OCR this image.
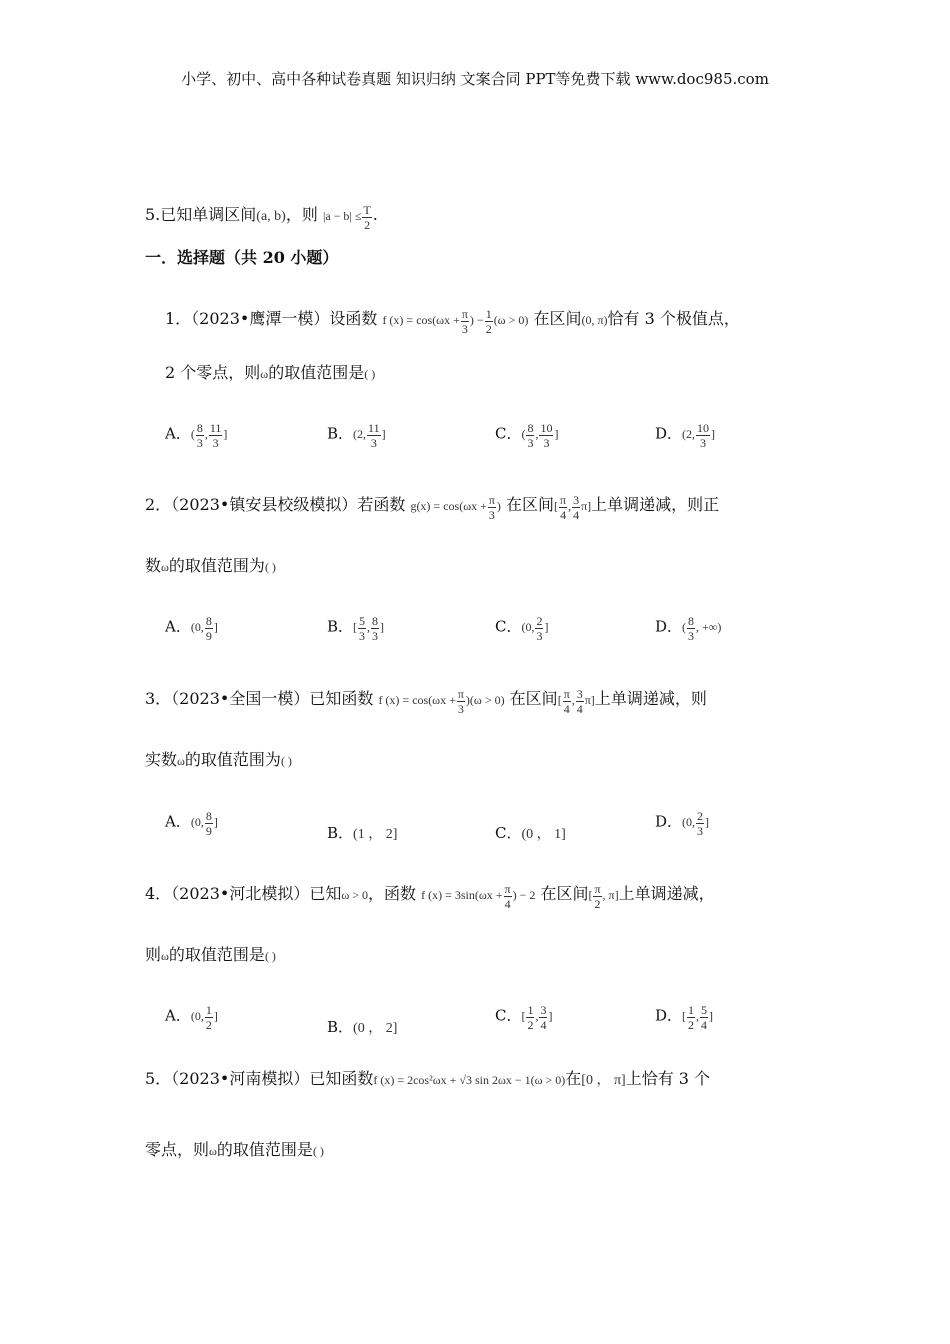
小学、初中、高中各种试卷真题 知识归纳 文案合同 PPT等免费下载 www.doc985.com
5.已知单调区间(a, b)，则 $|a - b| \le \frac{T}{2}$ .
一．选择题（共 20 小题）
1．（2023•鹰潭一模）设函数 f $(x) = \cos(\omega x + \frac{\pi}{3}$ ) − $\frac{1}{2} (\omega > 0)$ 在区间(0, π)恰有 3 个极值点，
2 个零点，则ω的取值范围是( )
A．( $\frac{8}{3}$ , $\frac{11}{3}$ ]	B．(2, $\frac{11}{3}$ ]	C．( $\frac{8}{3}$ , $\frac{10}{3}$ ]	D．(2, $\frac{10}{3}$ ]
2．（2023•镇安县校级模拟）若函数 $g(x) = \cos(\omega x + \frac{\pi}{3}$ ) 在区间[ $\frac{\pi}{4}$ , $\frac{3}{4} \pi$]上单调递减，则正
数ω的取值范围为( )
A．(0, $\frac{8}{9}$ ]	B．[ $\frac{5}{3}$ , $\frac{8}{3}$ ]	C．(0, $\frac{2}{3}$ ]	D．( $\frac{8}{3}$ , +∞)
3．（2023•全国一模）已知函数 f $(x) = \cos(\omega x + \frac{\pi}{3} )(\omega > 0)$ 在区间[ $\frac{\pi}{4}$ , $\frac{3}{4} \pi$]上单调递减，则
实数ω的取值范围为( )
A．(0, $\frac{8}{9}$ ]
B．(1 ， 2]	C．(0 ， 1]
D．(0, $\frac{2}{3}$ ]
4．（2023•河北模拟）已知ω > 0，函数 f $(x) = 3\sin(\omega x + \frac{\pi}{4}$ ) − 2 在区间[ $\frac{\pi}{2}$ , π]上单调递减，
则ω的取值范围是( )
A．(0, $\frac{1}{2}$ ]
B．(0 ， 2]
C．[ $\frac{1}{2}$ , $\frac{3}{4}$ ]	D．[ $\frac{1}{2}$ , $\frac{5}{4}$ ]
5．（2023•河南模拟）已知函数f (x) = 2cos²ωx + √3 sin 2ωx − 1(ω > 0)在[0 ， π]上恰有 3 个
零点，则ω的取值范围是( )
